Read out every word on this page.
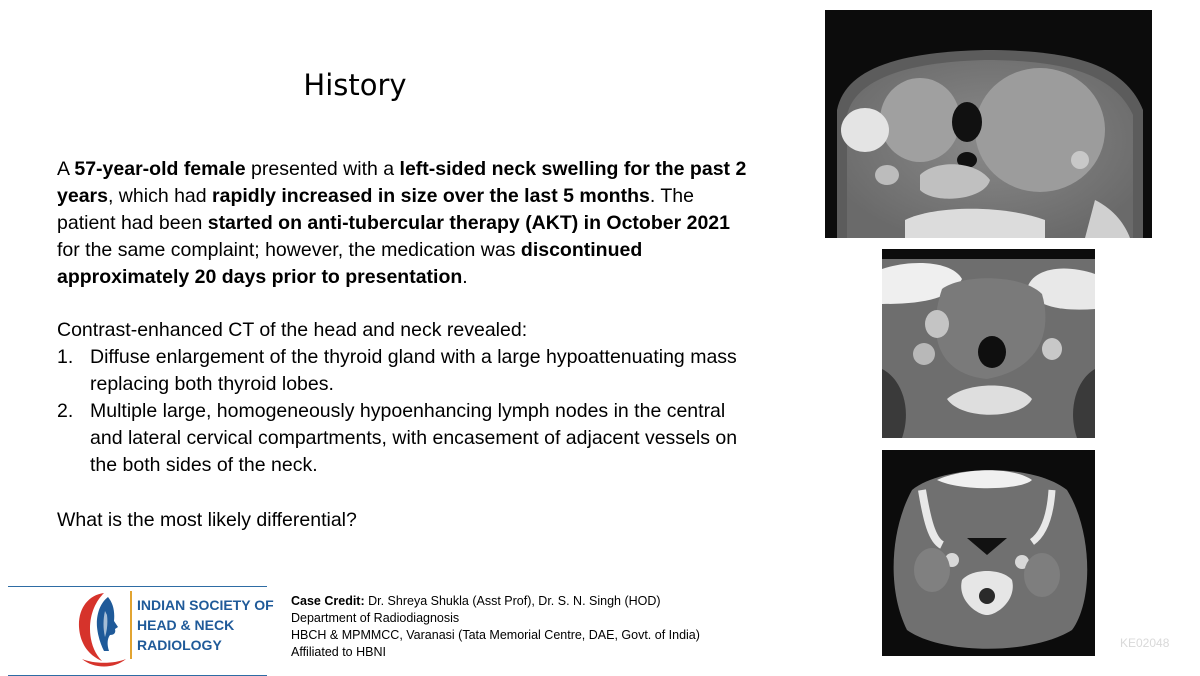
History
A 57-year-old female presented with a left-sided neck swelling for the past 2 years, which had rapidly increased in size over the last 5 months. The patient had been started on anti-tubercular therapy (AKT) in October 2021 for the same complaint; however, the medication was discontinued approximately 20 days prior to presentation.
Contrast-enhanced CT of the head and neck revealed:
1. Diffuse enlargement of the thyroid gland with a large hypoattenuating mass replacing both thyroid lobes.
2. Multiple large, homogeneously hypoenhancing lymph nodes in the central and lateral cervical compartments, with encasement of adjacent vessels on the both sides of the neck.
What is the most likely differential?
INDIAN SOCIETY OF
HEAD & NECK
RADIOLOGY
Case Credit: Dr. Shreya Shukla (Asst Prof), Dr. S. N. Singh (HOD)
Department of Radiodiagnosis
HBCH & MPMMCC, Varanasi (Tata Memorial Centre, DAE, Govt. of India)
Affiliated to HBNI
KE02048
